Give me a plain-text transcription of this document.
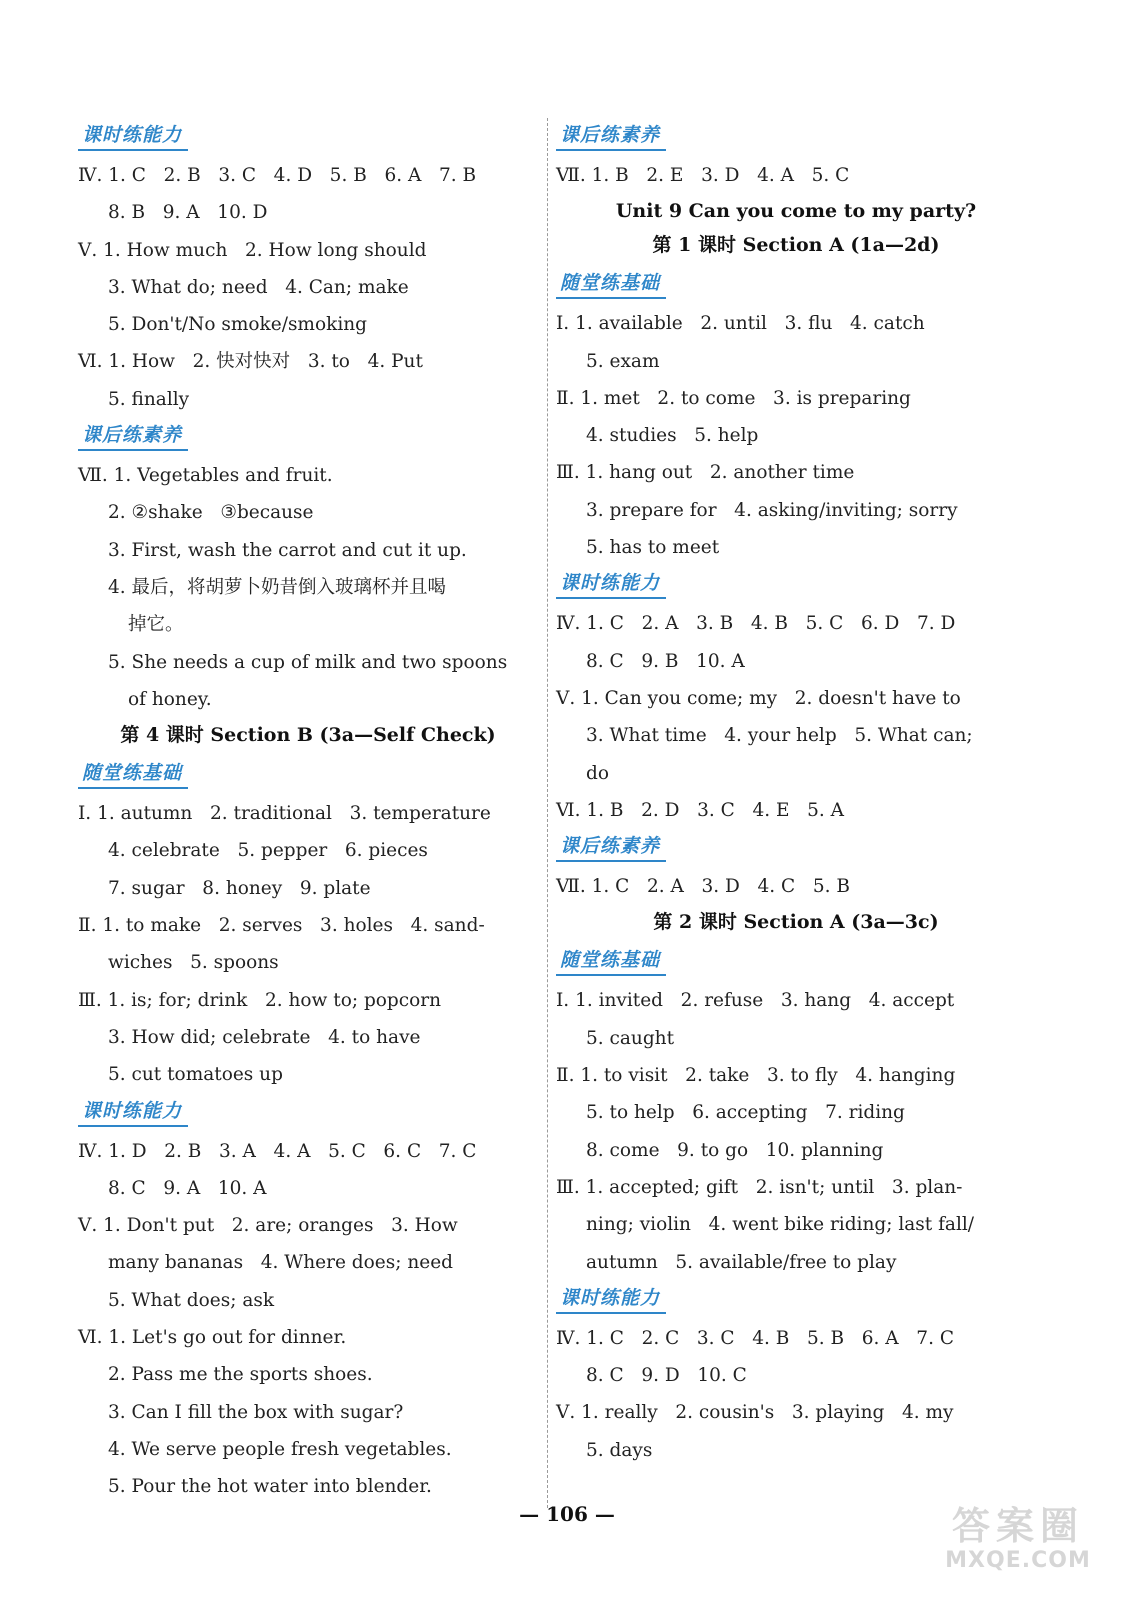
课时练能力
Ⅳ. 1. C   2. B   3. C   4. D   5. B   6. A   7. B
8. B   9. A   10. D
Ⅴ. 1. How much   2. How long should
3. What do; need   4. Can; make
5. Don't/No smoke/smoking
Ⅵ. 1. How   2. 快对快对   3. to   4. Put
5. finally
课后练素养
Ⅶ. 1. Vegetables and fruit.
2. ②shake   ③because
3. First, wash the carrot and cut it up.
4. 最后，将胡萝卜奶昔倒入玻璃杯并且喝
掉它。
5. She needs a cup of milk and two spoons
of honey.
第 4 课时 Section B (3a—Self Check)
随堂练基础
Ⅰ. 1. autumn   2. traditional   3. temperature
4. celebrate   5. pepper   6. pieces
7. sugar   8. honey   9. plate
Ⅱ. 1. to make   2. serves   3. holes   4. sand-
wiches   5. spoons
Ⅲ. 1. is; for; drink   2. how to; popcorn
3. How did; celebrate   4. to have
5. cut tomatoes up
课时练能力
Ⅳ. 1. D   2. B   3. A   4. A   5. C   6. C   7. C
8. C   9. A   10. A
Ⅴ. 1. Don't put   2. are; oranges   3. How
many bananas   4. Where does; need
5. What does; ask
Ⅵ. 1. Let's go out for dinner.
2. Pass me the sports shoes.
3. Can I fill the box with sugar?
4. We serve people fresh vegetables.
5. Pour the hot water into blender.
课后练素养
Ⅶ. 1. B   2. E   3. D   4. A   5. C
Unit 9 Can you come to my party?
第 1 课时 Section A (1a—2d)
随堂练基础
Ⅰ. 1. available   2. until   3. flu   4. catch
5. exam
Ⅱ. 1. met   2. to come   3. is preparing
4. studies   5. help
Ⅲ. 1. hang out   2. another time
3. prepare for   4. asking/inviting; sorry
5. has to meet
课时练能力
Ⅳ. 1. C   2. A   3. B   4. B   5. C   6. D   7. D
8. C   9. B   10. A
Ⅴ. 1. Can you come; my   2. doesn't have to
3. What time   4. your help   5. What can;
do
Ⅵ. 1. B   2. D   3. C   4. E   5. A
课后练素养
Ⅶ. 1. C   2. A   3. D   4. C   5. B
第 2 课时 Section A (3a—3c)
随堂练基础
Ⅰ. 1. invited   2. refuse   3. hang   4. accept
5. caught
Ⅱ. 1. to visit   2. take   3. to fly   4. hanging
5. to help   6. accepting   7. riding
8. come   9. to go   10. planning
Ⅲ. 1. accepted; gift   2. isn't; until   3. plan-
ning; violin   4. went bike riding; last fall/
autumn   5. available/free to play
课时练能力
Ⅳ. 1. C   2. C   3. C   4. B   5. B   6. A   7. C
8. C   9. D   10. C
Ⅴ. 1. really   2. cousin's   3. playing   4. my
5. days
— 106 —	答案圈
MXQE.COM
